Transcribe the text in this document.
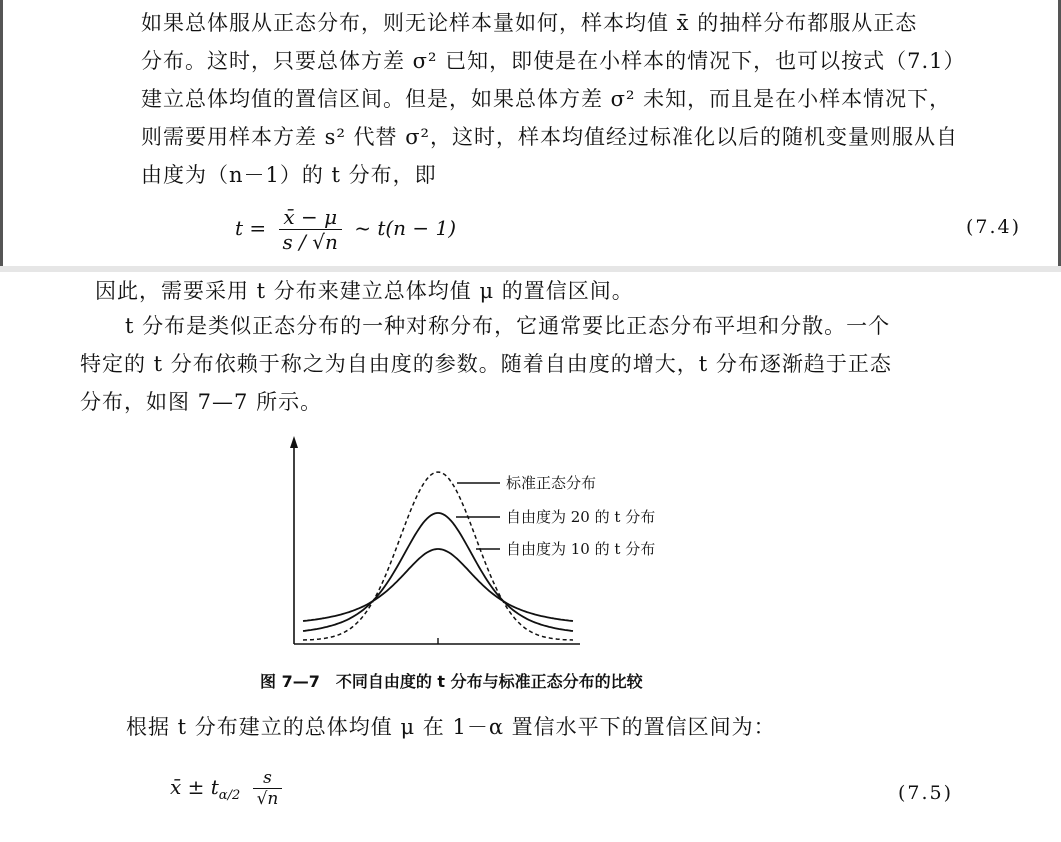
如果总体服从正态分布，则无论样本量如何，样本均值 x̄ 的抽样分布都服从正态
分布。这时，只要总体方差 σ² 已知，即使是在小样本的情况下，也可以按式（7.1）
建立总体均值的置信区间。但是，如果总体方差 σ² 未知，而且是在小样本情况下，
则需要用样本方差 s² 代替 σ²，这时，样本均值经过标准化以后的随机变量则服从自
由度为（n－1）的 t 分布，即
$t = \frac{x̄ - \mu}{s / √n}$ ~ t(n − 1)	(7.4)
因此，需要采用 t 分布来建立总体均值 μ 的置信区间。
t 分布是类似正态分布的一种对称分布，它通常要比正态分布平坦和分散。一个
特定的 t 分布依赖于称之为自由度的参数。随着自由度的增大，t 分布逐渐趋于正态
分布，如图 7—7 所示。
标准正态分布
自由度为 20 的 t 分布
自由度为 10 的 t 分布
图 7—7　不同自由度的 t 分布与标准正态分布的比较
根据 t 分布建立的总体均值 μ 在 1－α 置信水平下的置信区间为：
x̄ ± $t_{\alpha/2} \frac{s}{√n}$	(7.5)
